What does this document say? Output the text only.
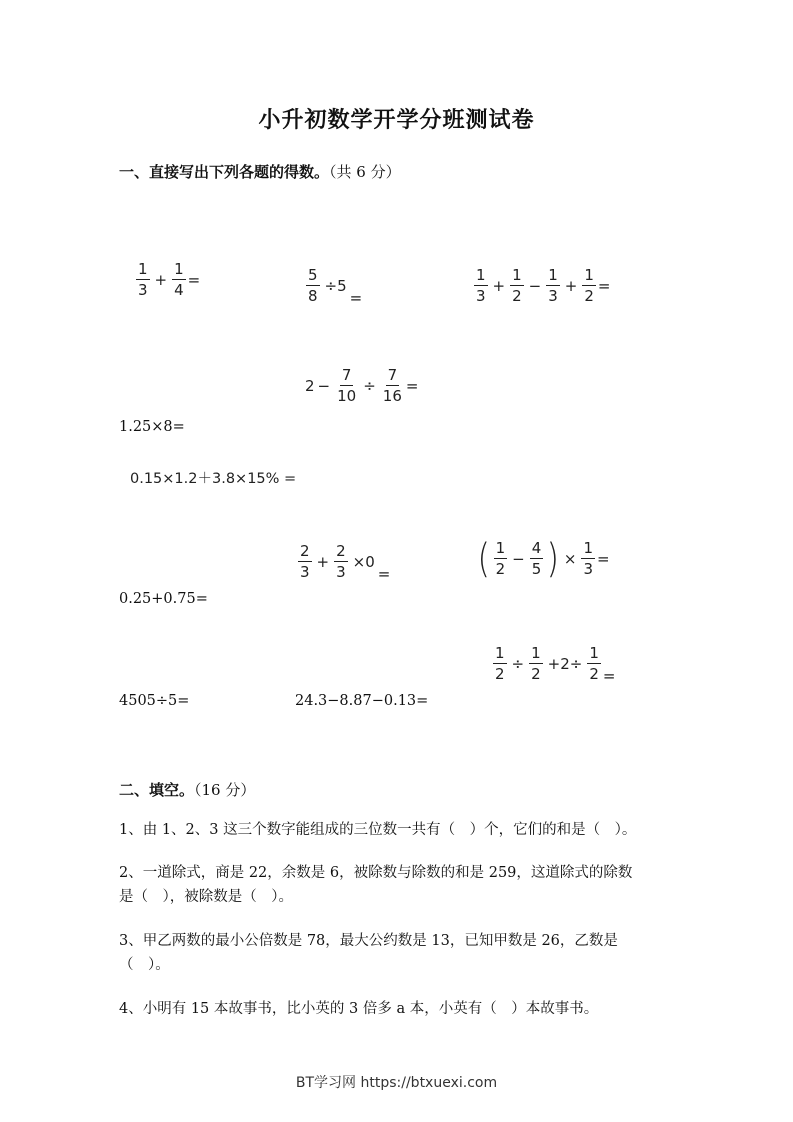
小升初数学开学分班测试卷
一、直接写出下列各题的得数。（共 6 分）
$\frac{1}{3} + \frac{1}{4}$ =	$\frac{5}{8} \div 5$
=	$\frac{1}{3} + \frac{1}{2} - \frac{1}{3} + \frac{1}{2}$ =
$2 - \frac{7}{10} \div \frac{7}{16}$ =
1.25×8=
0.15×1.2＋3.8×15% =
$\frac{2}{3} + \frac{2}{3} \times 0$
= ( $\frac{1}{2} - \frac{4}{5}$ ) × $\frac{1}{3}$ =
0.25+0.75=
$\frac{1}{2} \div \frac{1}{2} +2\div \frac{1}{2}$ =
4505÷5=	24.3−8.87−0.13=
二、填空。（16 分）
1、由 1、2、3 这三个数字能组成的三位数一共有（　）个，它们的和是（　）。
2、一道除式，商是 22，余数是 6，被除数与除数的和是 259，这道除式的除数
是（　），被除数是（　）。
3、甲乙两数的最小公倍数是 78，最大公约数是 13，已知甲数是 26，乙数是
（　）。
4、小明有 15 本故事书，比小英的 3 倍多 a 本，小英有（　）本故事书。
BT学习网 https://btxuexi.com
